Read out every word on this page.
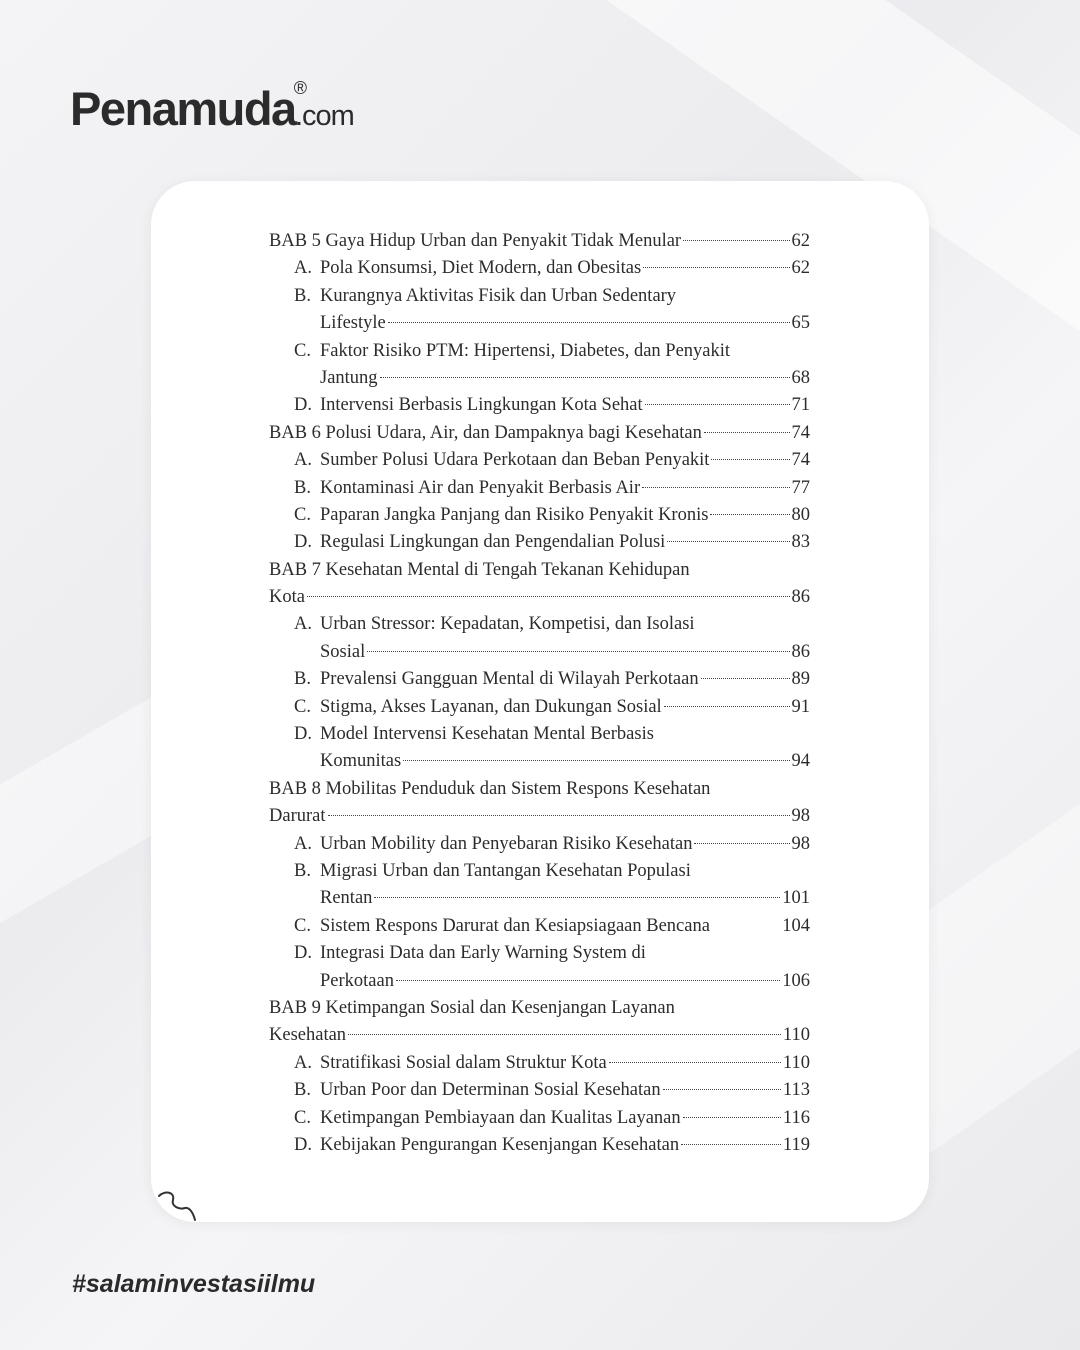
Penamuda
®
.com
BAB 5 Gaya Hidup Urban dan Penyakit Tidak Menular	62
A. Pola Konsumsi, Diet Modern, dan Obesitas	62
B. Kurangnya Aktivitas Fisik dan Urban Sedentary
Lifestyle	65
C. Faktor Risiko PTM: Hipertensi, Diabetes, dan Penyakit
Jantung	68
D. Intervensi Berbasis Lingkungan Kota Sehat	71
BAB 6 Polusi Udara, Air, dan Dampaknya bagi Kesehatan	74
A. Sumber Polusi Udara Perkotaan dan Beban Penyakit	74
B. Kontaminasi Air dan Penyakit Berbasis Air	77
C. Paparan Jangka Panjang dan Risiko Penyakit Kronis	80
D. Regulasi Lingkungan dan Pengendalian Polusi	83
BAB 7 Kesehatan Mental di Tengah Tekanan Kehidupan
Kota	86
A. Urban Stressor: Kepadatan, Kompetisi, dan Isolasi
Sosial	86
B. Prevalensi Gangguan Mental di Wilayah Perkotaan	89
C. Stigma, Akses Layanan, dan Dukungan Sosial	91
D. Model Intervensi Kesehatan Mental Berbasis
Komunitas	94
BAB 8 Mobilitas Penduduk dan Sistem Respons Kesehatan
Darurat	98
A. Urban Mobility dan Penyebaran Risiko Kesehatan	98
B. Migrasi Urban dan Tantangan Kesehatan Populasi
Rentan	101
C. Sistem Respons Darurat dan Kesiapsiagaan Bencana	104
D. Integrasi Data dan Early Warning System di
Perkotaan	106
BAB 9 Ketimpangan Sosial dan Kesenjangan Layanan
Kesehatan	110
A. Stratifikasi Sosial dalam Struktur Kota	110
B. Urban Poor dan Determinan Sosial Kesehatan	113
C. Ketimpangan Pembiayaan dan Kualitas Layanan	116
D. Kebijakan Pengurangan Kesenjangan Kesehatan	119
#salaminvestasiilmu
